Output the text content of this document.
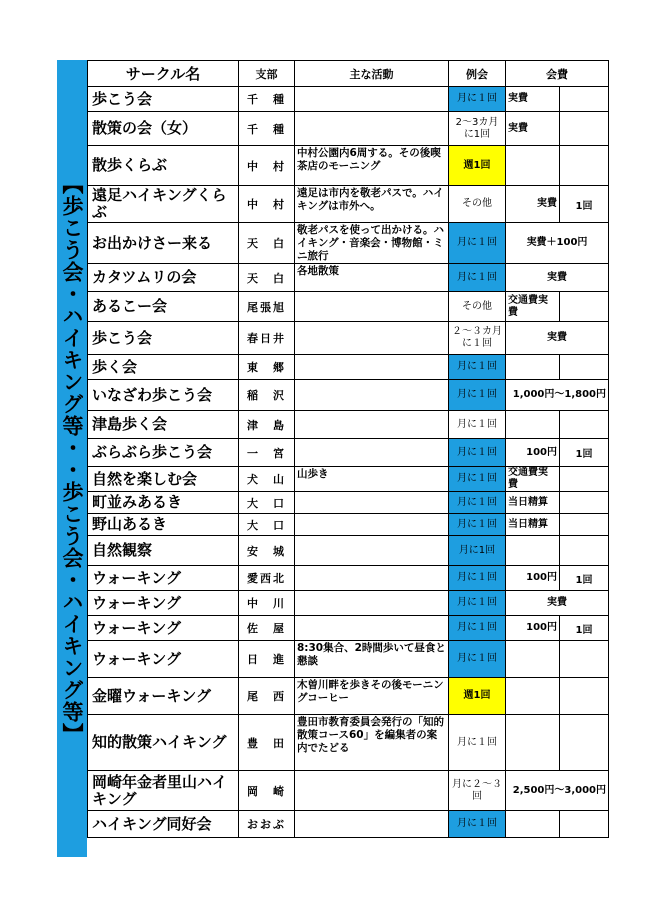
【歩こう会・ハイキング等・・歩こう会・ハイキング等】
サークル名	支部	主な活動	例会	会費	
歩こう会	千　種		月に１回	実費	
散策の会（女）	千　種		2～3カ月に1回	実費	
散歩くらぶ	中　村	中村公園内6周する。その後喫茶店のモーニング	週1回		
遠足ハイキングくらぶ	中　村	遠足は市内を敬老パスで。ハイキングは市外へ。	その他	実費	1回
お出かけさー来る	天　白	敬老パスを使って出かける。ハイキング・音楽会・博物館・ミニ旅行	月に１回	実費＋100円	
カタツムリの会	天　白	各地散策	月に１回	実費	
あるこー会	尾張旭		その他	交通費実費	
歩こう会	春日井		２～３カ月に１回	実費	
歩く会	東　郷		月に１回		
いなざわ歩こう会	稲　沢		月に１回	1,000円～1,800円	
津島歩く会	津　島		月に１回		
ぶらぶら歩こう会	一　宮		月に１回	100円	1回
自然を楽しむ会	犬　山	山歩き	月に１回	交通費実費	
町並みあるき	大　口		月に１回	当日精算	
野山あるき	大　口		月に１回	当日精算	
自然観察	安　城		月に1回		
ウォーキング	愛西北		月に１回	100円	1回
ウォーキング	中　川		月に１回	実費	
ウォーキング	佐　屋		月に１回	100円	1回
ウォーキング	日　進	8:30集合、2時間歩いて昼食と懇談	月に１回		
金曜ウォーキング	尾　西	木曽川畔を歩きその後モーニングコーヒー	週1回		
知的散策ハイキング	豊　田	豊田市教育委員会発行の「知的散策コース60」を編集者の案内でたどる	月に１回		
岡崎年金者里山ハイキング	岡　崎		月に２～３回	2,500円～3,000円	
ハイキング同好会	おおぶ		月に１回		
